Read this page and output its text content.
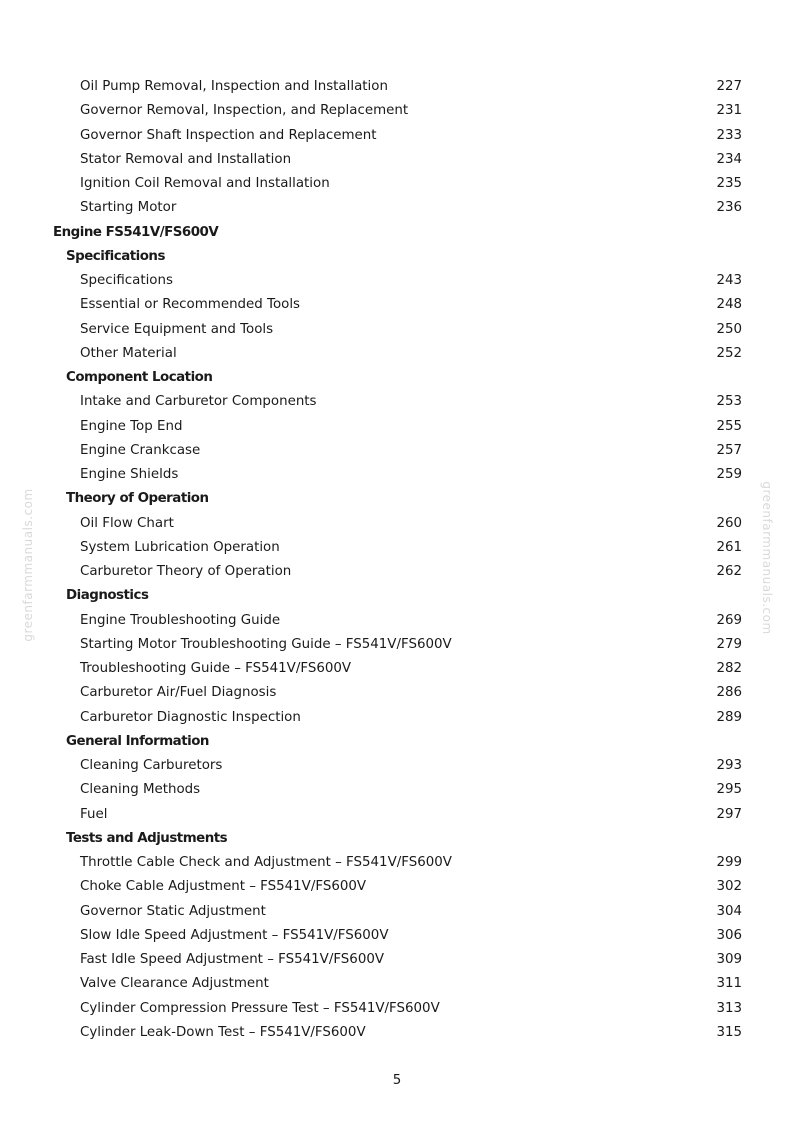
greenfarmmanuals.com	greenfarmmanuals.com
Oil Pump Removal, Inspection and Installation	227
Governor Removal, Inspection, and Replacement	231
Governor Shaft Inspection and Replacement	233
Stator Removal and Installation	234
Ignition Coil Removal and Installation	235
Starting Motor	236
Engine FS541V/FS600V
Specifications
Specifications	243
Essential or Recommended Tools	248
Service Equipment and Tools	250
Other Material	252
Component Location
Intake and Carburetor Components	253
Engine Top End	255
Engine Crankcase	257
Engine Shields	259
Theory of Operation
Oil Flow Chart	260
System Lubrication Operation	261
Carburetor Theory of Operation	262
Diagnostics
Engine Troubleshooting Guide	269
Starting Motor Troubleshooting Guide – FS541V/FS600V	279
Troubleshooting Guide – FS541V/FS600V	282
Carburetor Air/Fuel Diagnosis	286
Carburetor Diagnostic Inspection	289
General Information
Cleaning Carburetors	293
Cleaning Methods	295
Fuel	297
Tests and Adjustments
Throttle Cable Check and Adjustment – FS541V/FS600V	299
Choke Cable Adjustment – FS541V/FS600V	302
Governor Static Adjustment	304
Slow Idle Speed Adjustment – FS541V/FS600V	306
Fast Idle Speed Adjustment – FS541V/FS600V	309
Valve Clearance Adjustment	311
Cylinder Compression Pressure Test – FS541V/FS600V	313
Cylinder Leak-Down Test – FS541V/FS600V	315
5
